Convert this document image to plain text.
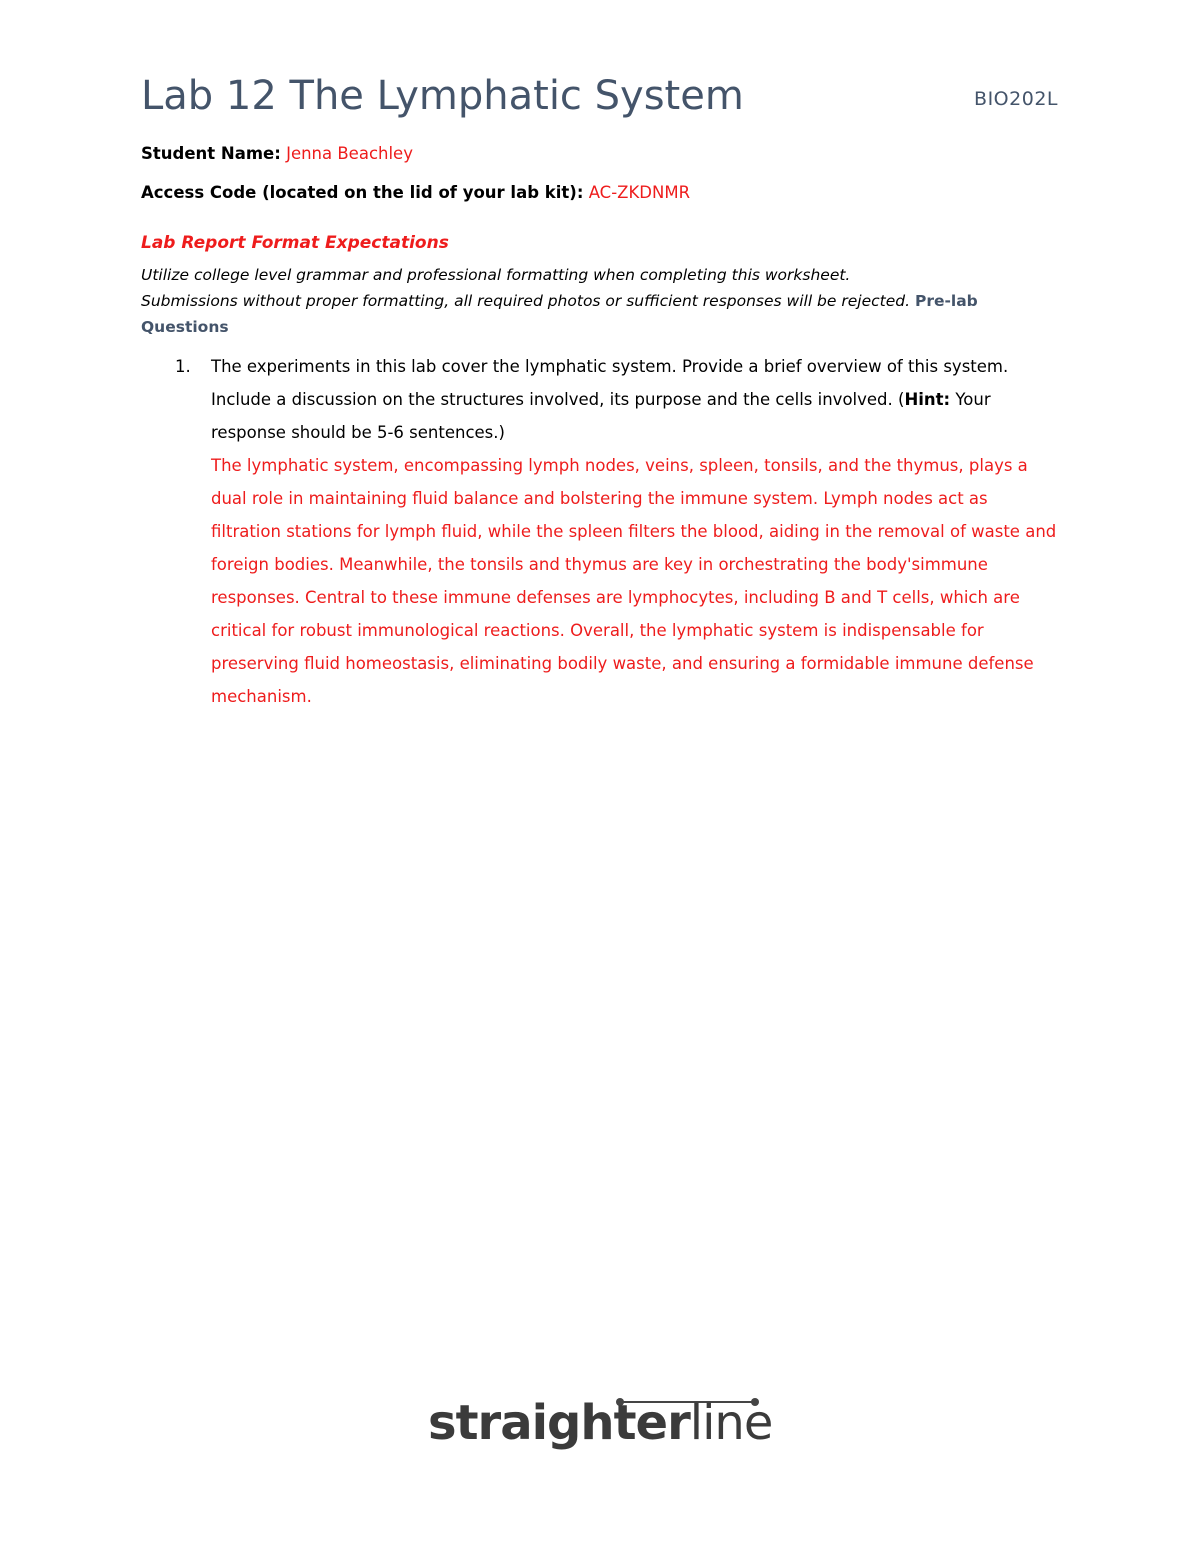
Lab 12 The Lymphatic System	BIO202L
Student Name: Jenna Beachley
Access Code (located on the lid of your lab kit): AC-ZKDNMR
Lab Report Format Expectations
Utilize college level grammar and professional formatting when completing this worksheet.
Submissions without proper formatting, all required photos or sufficient responses will be rejected. Pre-lab Questions
1.	The experiments in this lab cover the lymphatic system. Provide a brief overview of this system. Include a discussion on the structures involved, its purpose and the cells involved. (Hint: Your response should be 5-6 sentences.)
The lymphatic system, encompassing lymph nodes, veins, spleen, tonsils, and the thymus, plays a dual role in maintaining fluid balance and bolstering the immune system. Lymph nodes act as filtration stations for lymph fluid, while the spleen filters the blood, aiding in the removal of waste and foreign bodies. Meanwhile, the tonsils and thymus are key in orchestrating the body'simmune responses. Central to these immune defenses are lymphocytes, including B and T cells, which are critical for robust immunological reactions. Overall, the lymphatic system is indispensable for preserving fluid homeostasis, eliminating bodily waste, and ensuring a formidable immune defense mechanism.
straighterline
